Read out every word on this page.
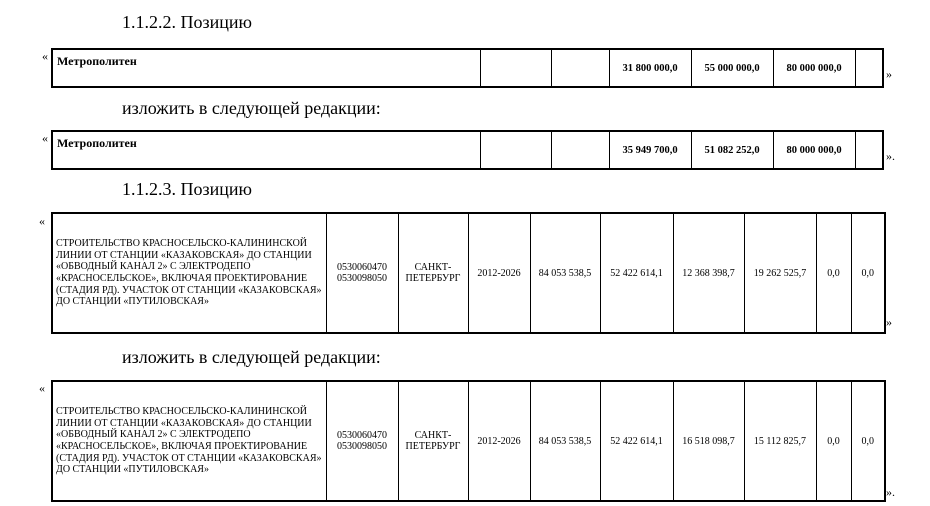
1.1.2.2. Позицию
« Метрополитен			31 800 000,0	55 000 000,0	80 000 000,0		»
изложить в следующей редакции:
« Метрополитен			35 949 700,0	51 082 252,0	80 000 000,0		».
1.1.2.3. Позицию
«
СТРОИТЕЛЬСТВО КРАСНОСЕЛЬСКО-КАЛИНИНСКОЙ ЛИНИИ ОТ СТАНЦИИ «КАЗАКОВСКАЯ» ДО СТАНЦИИ «ОБВОДНЫЙ КАНАЛ 2» С ЭЛЕКТРОДЕПО «КРАСНОСЕЛЬСКОЕ», ВКЛЮЧАЯ ПРОЕКТИРОВАНИЕ (СТАДИЯ РД). УЧАСТОК ОТ СТАНЦИИ «КАЗАКОВСКАЯ» ДО СТАНЦИИ «ПУТИЛОВСКАЯ»	0530060470 0530098050	САНКТ-ПЕТЕРБУРГ	2012-2026	84 053 538,5	52 422 614,1	12 368 398,7	19 262 525,7	0,0	0,0
»
изложить в следующей редакции:
«
СТРОИТЕЛЬСТВО КРАСНОСЕЛЬСКО-КАЛИНИНСКОЙ ЛИНИИ ОТ СТАНЦИИ «КАЗАКОВСКАЯ» ДО СТАНЦИИ «ОБВОДНЫЙ КАНАЛ 2» С ЭЛЕКТРОДЕПО «КРАСНОСЕЛЬСКОЕ», ВКЛЮЧАЯ ПРОЕКТИРОВАНИЕ (СТАДИЯ РД). УЧАСТОК ОТ СТАНЦИИ «КАЗАКОВСКАЯ» ДО СТАНЦИИ «ПУТИЛОВСКАЯ»	0530060470 0530098050	САНКТ-ПЕТЕРБУРГ	2012-2026	84 053 538,5	52 422 614,1	16 518 098,7	15 112 825,7	0,0	0,0
».
